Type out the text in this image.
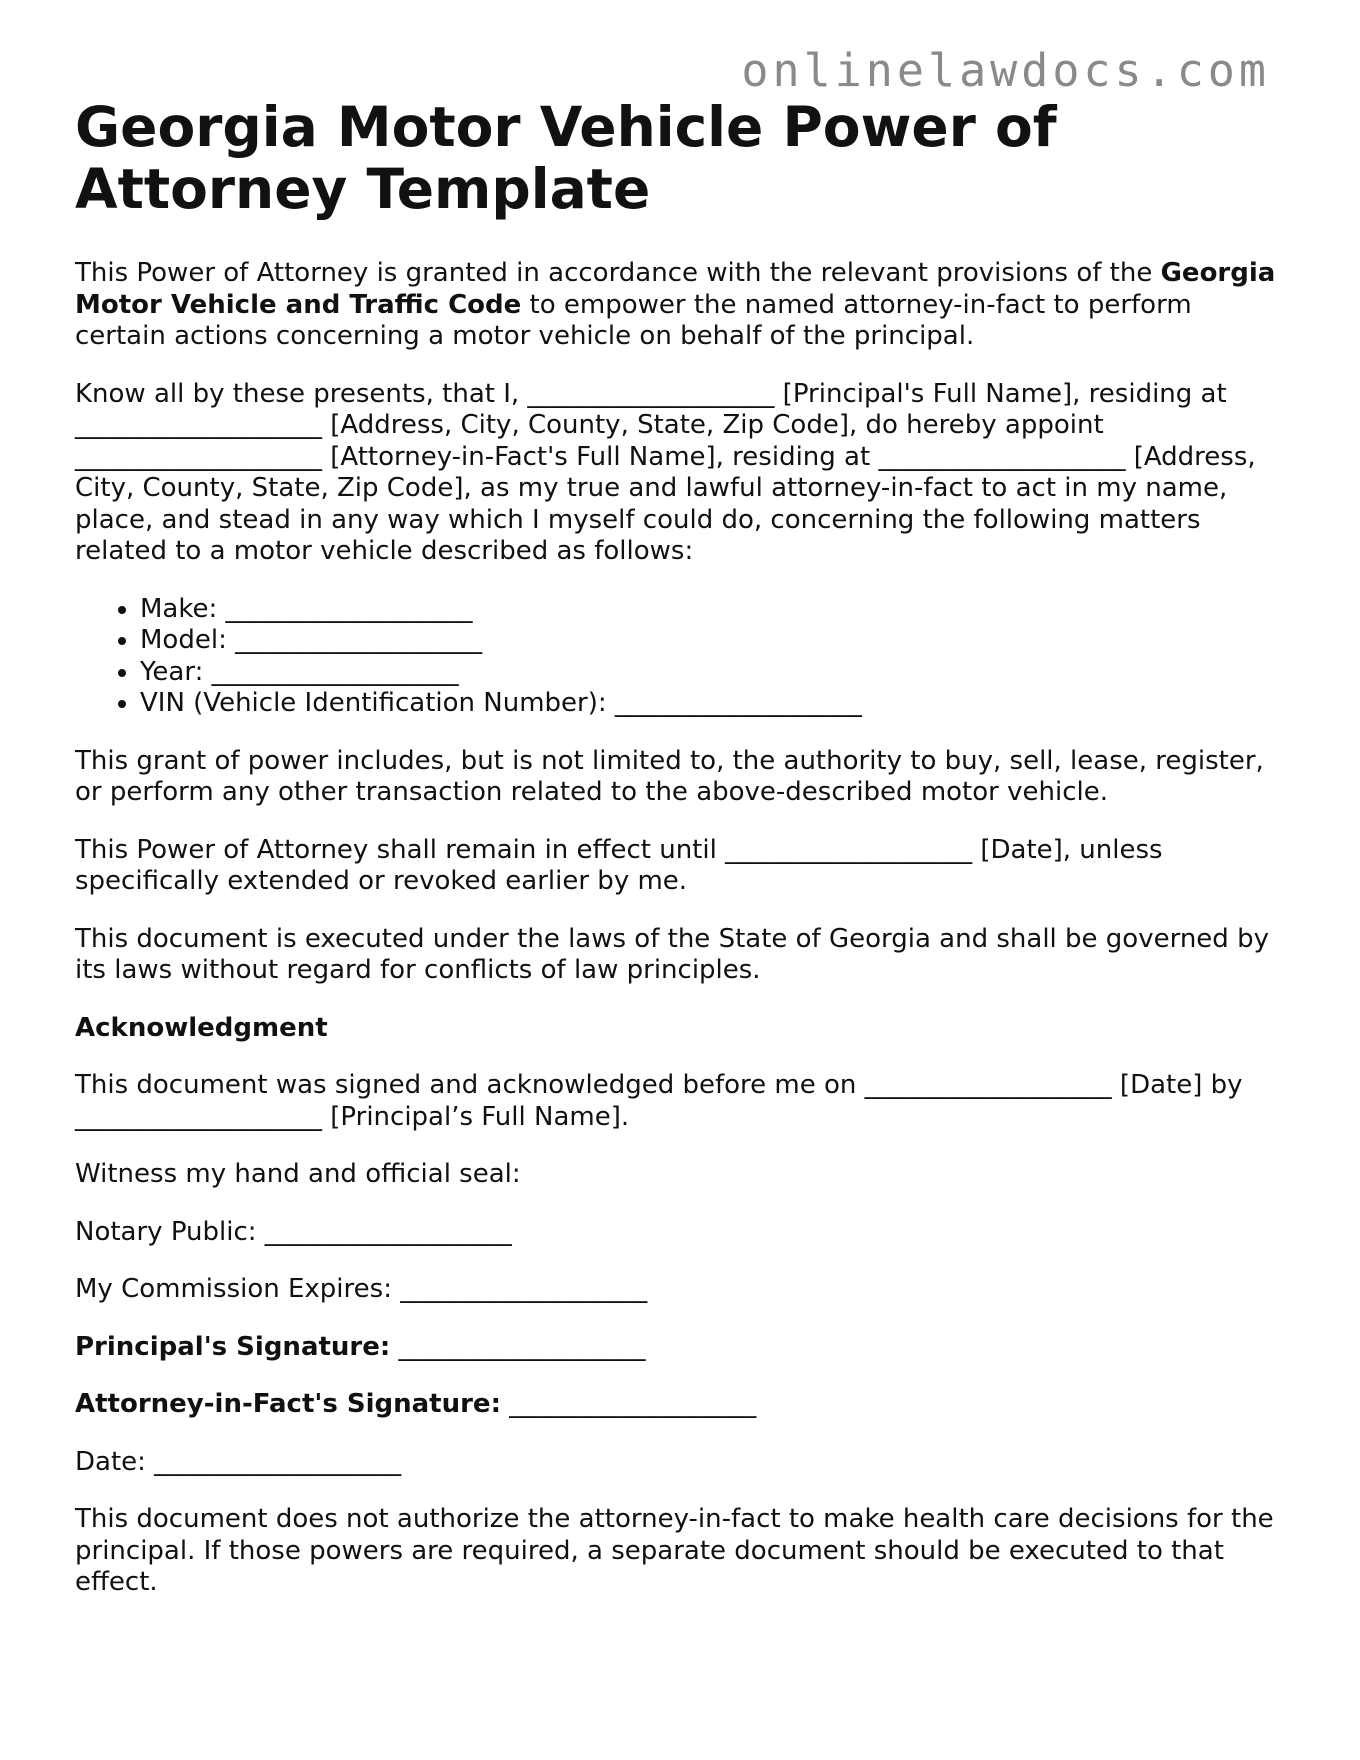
onlinelawdocs.com
Georgia Motor Vehicle Power of Attorney Template

This Power of Attorney is granted in accordance with the relevant provisions of the Georgia Motor Vehicle and Traffic Code to empower the named attorney-in-fact to perform certain actions concerning a motor vehicle on behalf of the principal.

Know all by these presents, that I, ___________________ [Principal's Full Name], residing at ___________________ [Address, City, County, State, Zip Code], do hereby appoint ___________________ [Attorney-in-Fact's Full Name], residing at ___________________ [Address, City, County, State, Zip Code], as my true and lawful attorney-in-fact to act in my name, place, and stead in any way which I myself could do, concerning the following matters related to a motor vehicle described as follows:

• Make: ___________________
• Model: ___________________
• Year: ___________________
• VIN (Vehicle Identification Number): ___________________

This grant of power includes, but is not limited to, the authority to buy, sell, lease, register, or perform any other transaction related to the above-described motor vehicle.

This Power of Attorney shall remain in effect until ___________________ [Date], unless specifically extended or revoked earlier by me.

This document is executed under the laws of the State of Georgia and shall be governed by its laws without regard for conflicts of law principles.

Acknowledgment

This document was signed and acknowledged before me on ___________________ [Date] by ___________________ [Principal’s Full Name].

Witness my hand and official seal:

Notary Public: ___________________

My Commission Expires: ___________________

Principal's Signature: ___________________

Attorney-in-Fact's Signature: ___________________

Date: ___________________

This document does not authorize the attorney-in-fact to make health care decisions for the principal. If those powers are required, a separate document should be executed to that effect.
